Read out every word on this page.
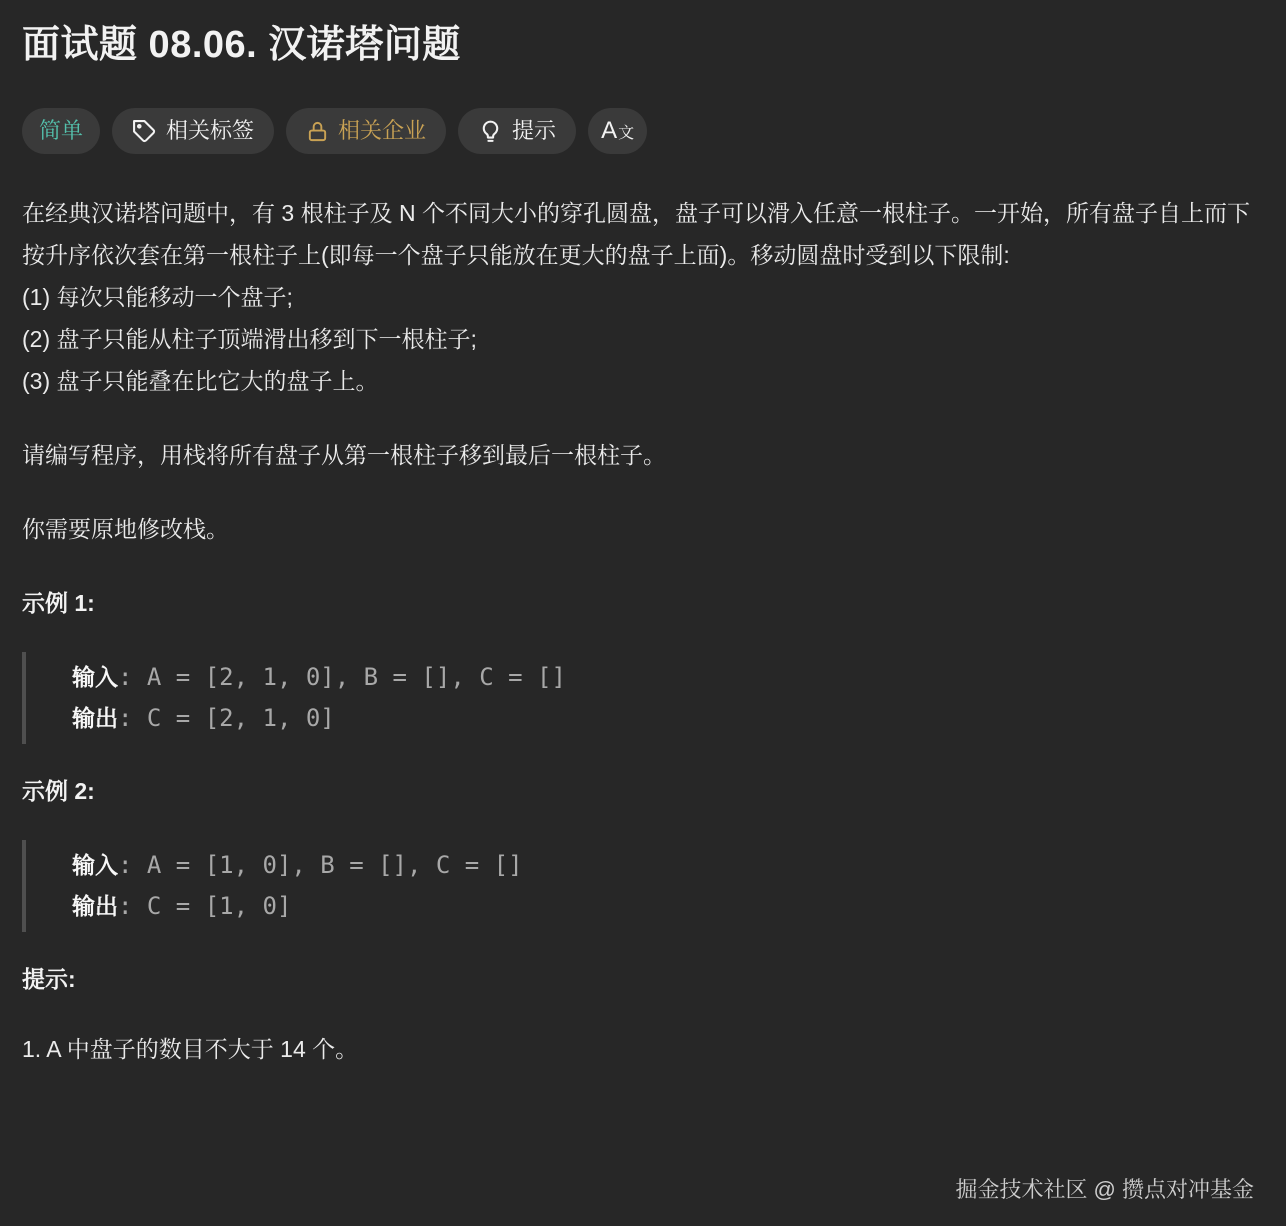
面试题 08.06. 汉诺塔问题
简单	相关标签	相关企业	提示 A 文
在经典汉诺塔问题中，有 3 根柱子及 N 个不同大小的穿孔圆盘，盘子可以滑入任意一根柱子。一开始，所有盘子自上而下按升序依次套在第一根柱子上(即每一个盘子只能放在更大的盘子上面)。移动圆盘时受到以下限制:
(1) 每次只能移动一个盘子;
(2) 盘子只能从柱子顶端滑出移到下一根柱子;
(3) 盘子只能叠在比它大的盘子上。

请编写程序，用栈将所有盘子从第一根柱子移到最后一根柱子。

你需要原地修改栈。

示例 1:
输入: A = [2, 1, 0], B = [], C = []
输出: C = [2, 1, 0]
示例 2:
输入: A = [1, 0], B = [], C = []
输出: C = [1, 0]
提示:

1. A 中盘子的数目不大于 14 个。

掘金技术社区 @ 攒点对冲基金
